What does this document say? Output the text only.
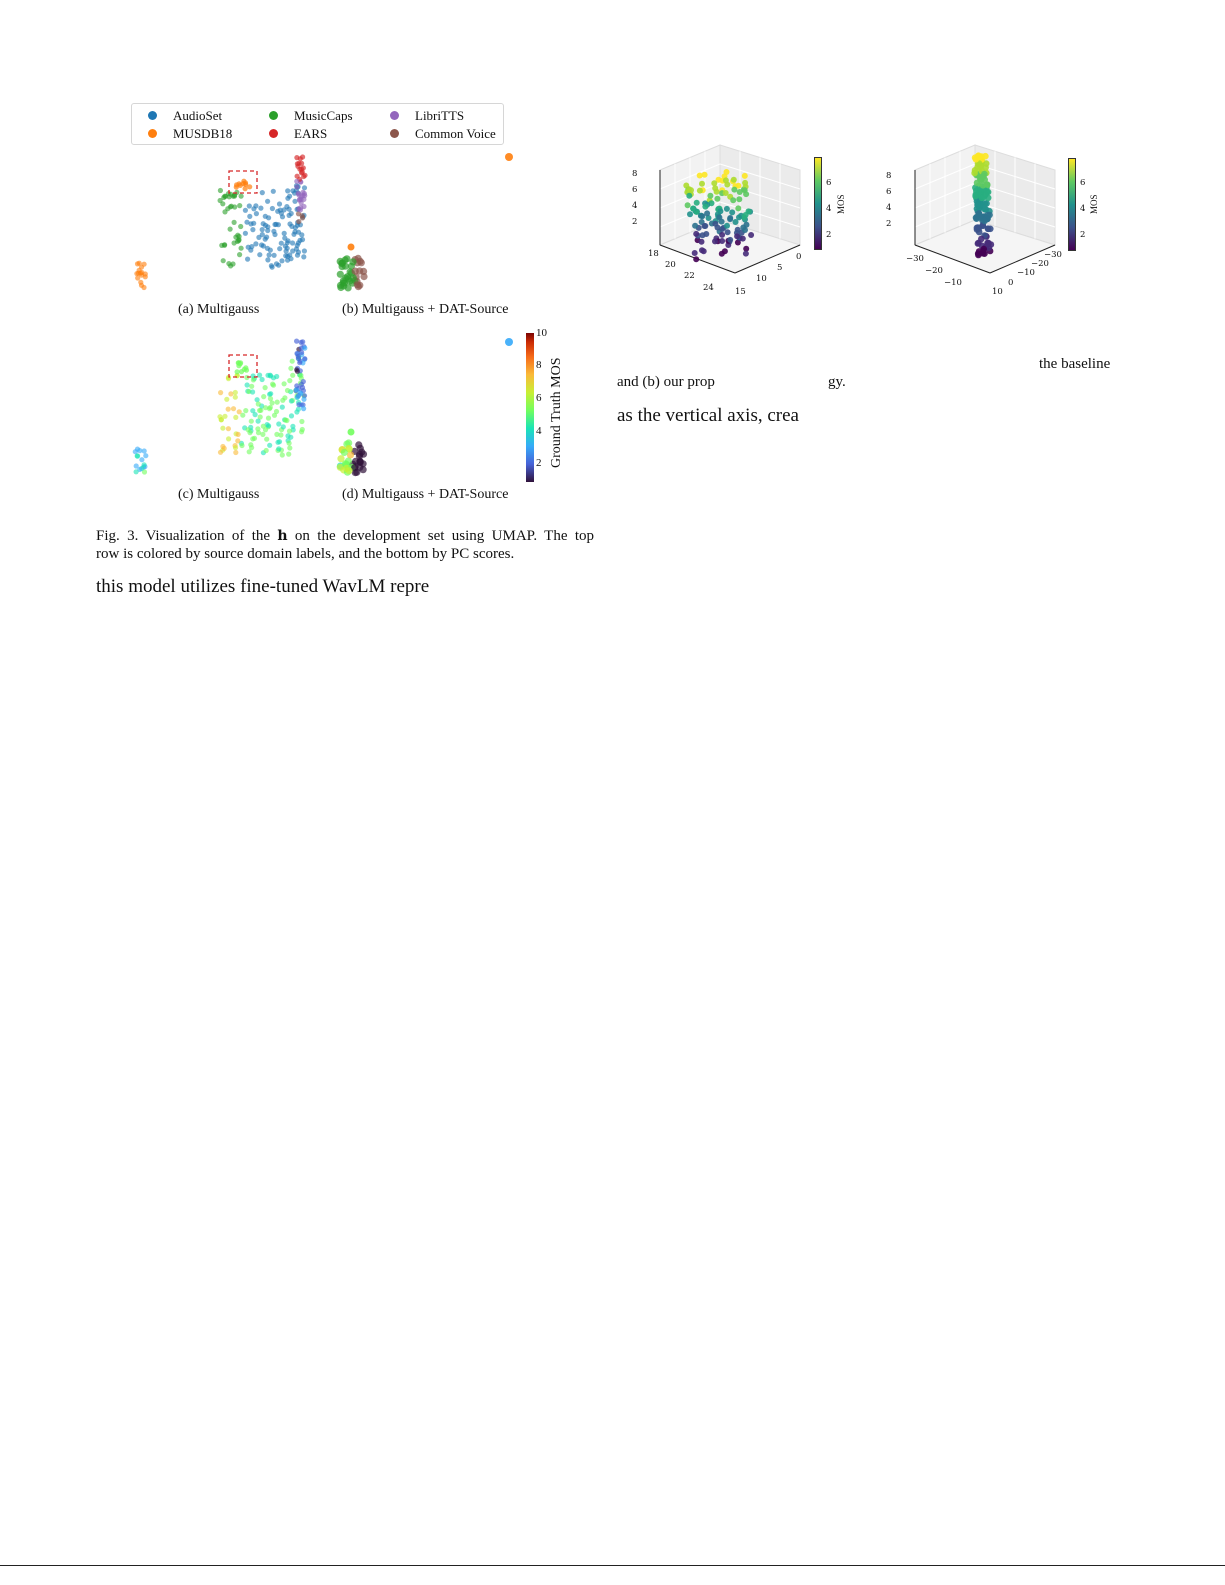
AudioSet	MusicCaps	LibriTTS
MUSDB18	EARS	Common Voice
(a) Multigauss	(b) Multigauss + DAT-Source
(c) Multigauss	(d) Multigauss + DAT-Source
10
8
6
4
2 Ground Truth MOS
Fig. 3. Visualization of the h on the development set using UMAP. The top
row is colored by source domain labels, and the bottom by PC scores.
this model utilizes fine-tuned WavLM repre
8
6
4
2
18
20
22
24
0
5
10
15
6
4
2
MOS
8
6
4
2
−30
−20
−10
10
0
−10
−20
−30
6
4
2
MOS
the baseline
and (b) our prop	gy.
as the vertical axis, crea
